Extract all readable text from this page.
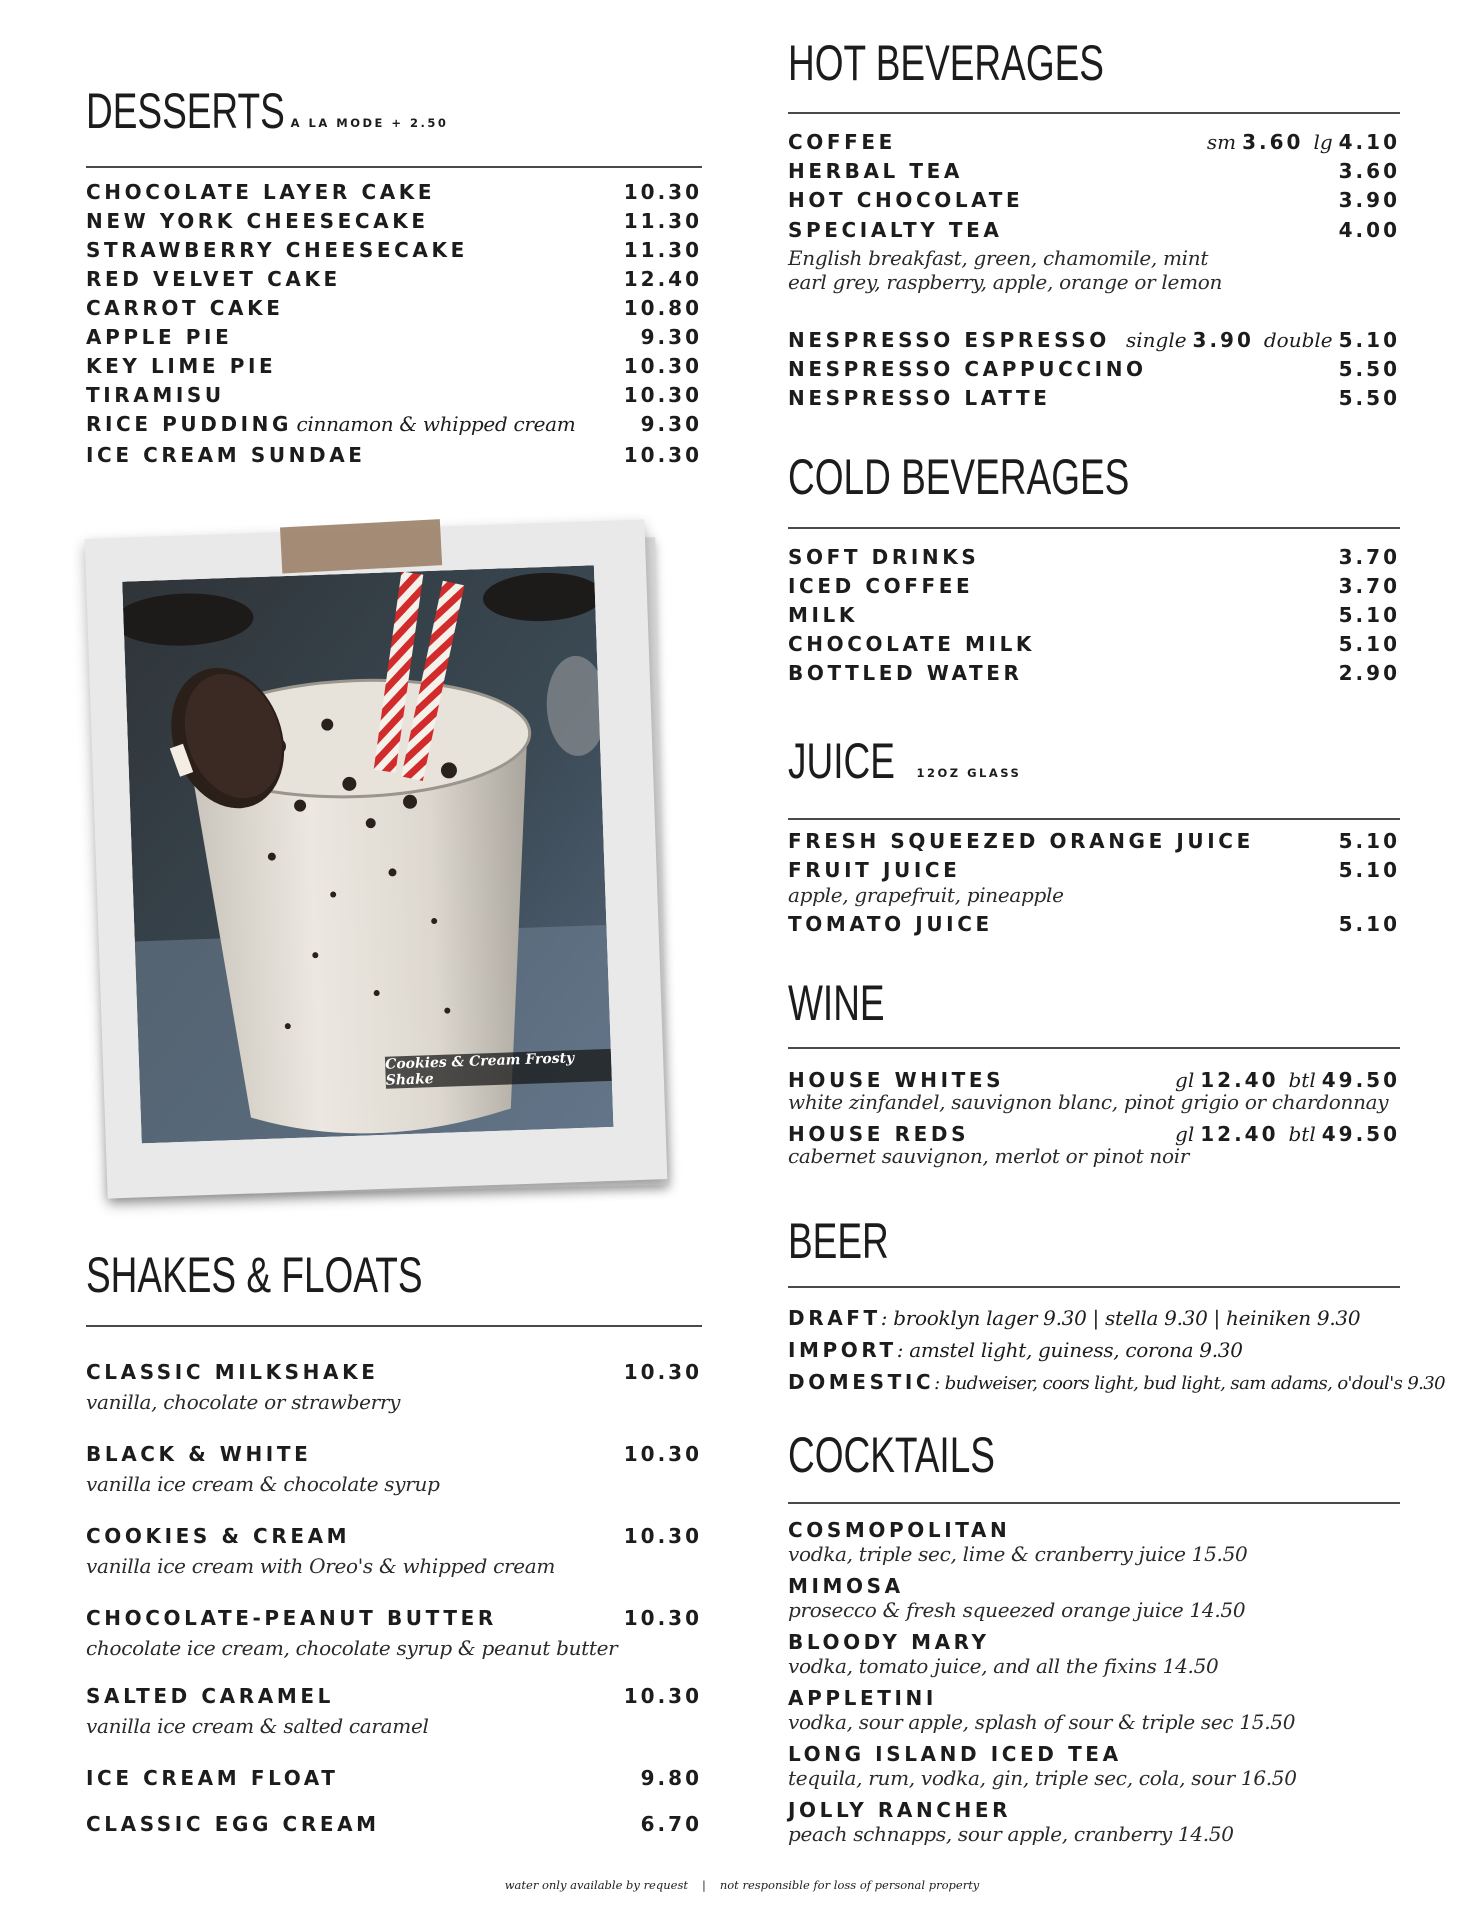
DESSERTS A LA MODE + 2.50
CHOCOLATE LAYER CAKE	10.30
NEW YORK CHEESECAKE	11.30
STRAWBERRY CHEESECAKE	11.30
RED VELVET CAKE	12.40
CARROT CAKE	10.80
APPLE PIE	9.30
KEY LIME PIE	10.30
TIRAMISU	10.30
RICE PUDDING cinnamon & whipped cream	9.30
ICE CREAM SUNDAE	10.30
SHAKES & FLOATS
CLASSIC MILKSHAKE	10.30
vanilla, chocolate or strawberry
BLACK & WHITE	10.30
vanilla ice cream & chocolate syrup
COOKIES & CREAM	10.30
vanilla ice cream with Oreo's & whipped cream
CHOCOLATE-PEANUT BUTTER	10.30
chocolate ice cream, chocolate syrup & peanut butter
SALTED CARAMEL	10.30
vanilla ice cream & salted caramel
ICE CREAM FLOAT	9.80
CLASSIC EGG CREAM	6.70
Cookies & Cream Frosty Shake
HOT BEVERAGES
COFFEE	sm 3.60 lg 4.10
HERBAL TEA	3.60
HOT CHOCOLATE	3.90
SPECIALTY TEA	4.00
English breakfast, green, chamomile, mint
earl grey, raspberry, apple, orange or lemon
NESPRESSO ESPRESSO single 3.90 double 5.10
NESPRESSO CAPPUCCINO	5.50
NESPRESSO LATTE	5.50
COLD BEVERAGES
SOFT DRINKS	3.70
ICED COFFEE	3.70
MILK	5.10
CHOCOLATE MILK	5.10
BOTTLED WATER	2.90
JUICE 12OZ GLASS
FRESH SQUEEZED ORANGE JUICE	5.10
FRUIT JUICE	5.10
apple, grapefruit, pineapple
TOMATO JUICE	5.10
WINE
HOUSE WHITES	gl 12.40 btl 49.50
white zinfandel, sauvignon blanc, pinot grigio or chardonnay
HOUSE REDS	gl 12.40 btl 49.50
cabernet sauvignon, merlot or pinot noir
BEER
DRAFT : brooklyn lager 9.30 | stella 9.30 | heiniken 9.30
IMPORT : amstel light, guiness, corona 9.30
DOMESTIC : budweiser, coors light, bud light, sam adams, o'doul's 9.30
COCKTAILS
COSMOPOLITAN
vodka, triple sec, lime & cranberry juice 15.50
MIMOSA
prosecco & fresh squeezed orange juice 14.50
BLOODY MARY
vodka, tomato juice, and all the fixins 14.50
APPLETINI
vodka, sour apple, splash of sour & triple sec 15.50
LONG ISLAND ICED TEA
tequila, rum, vodka, gin, triple sec, cola, sour 16.50
JOLLY RANCHER
peach schnapps, sour apple, cranberry 14.50
water only available by request | not responsible for loss of personal property
